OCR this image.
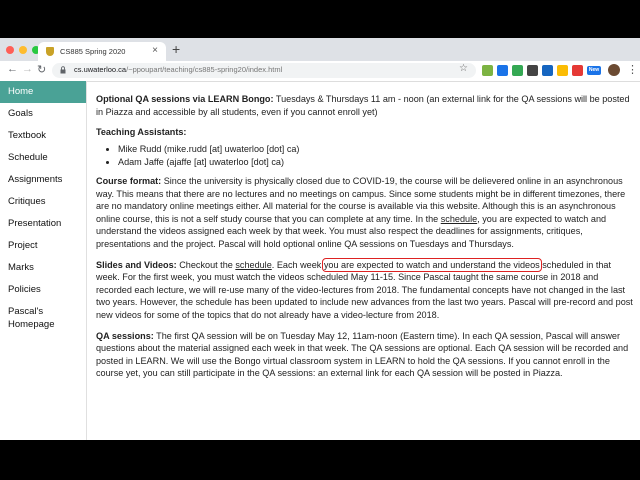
CS885 Spring 2020	× +
← → ↻	cs.uwaterloo.ca/~ppoupart/teaching/cs885-spring20/index.html	☆	New	⋮
Home
Goals
Textbook
Schedule
Assignments
Critiques
Presentation
Project
Marks
Policies
Pascal's Homepage

Optional QA sessions via LEARN Bongo: Tuesdays & Thursdays 11 am - noon (an external link for the QA sessions will be posted in Piazza and accessible by all students, even if you cannot enroll yet)

Teaching Assistants:

• Mike Rudd (mike.rudd [at] uwaterloo [dot] ca)
• Adam Jaffe (ajaffe [at] uwaterloo [dot] ca)

Course format: Since the university is physically closed due to COVID-19, the course will be delievered online in an asynchronous way. This means that there are no lectures and no meetings on campus. Since some students might be in different timezones, there are no mandatory online meetings either. All material for the course is available via this website. Although this is an asynchronous online course, this is not a self study course that you can complete at any time. In the schedule, you are expected to watch and understand the videos assigned each week by that week. You must also respect the deadlines for assignments, critiques, presentations and the project. Pascal will hold optional online QA sessions on Tuesdays and Thursdays.

Slides and Videos: Checkout the schedule. Each week you are expected to watch and understand the videos scheduled in that week. For the first week, you must watch the videos scheduled May 11-15. Since Pascal taught the same course in 2018 and recorded each lecture, we will re-use many of the video-lectures from 2018. The fundamental concepts have not changed in the last two years. However, the schedule has been updated to include new advances from the last two years. Pascal will pre-record and post new videos for some of the topics that do not already have a video-lecture from 2018.

QA sessions: The first QA session will be on Tuesday May 12, 11am-noon (Eastern time). In each QA session, Pascal will answer questions about the material assigned each week in that week. The QA sessions are optional. Each QA session will be recorded and posted in LEARN. We will use the Bongo virtual classroom system in LEARN to hold the QA sessions. If you cannot enroll in the course yet, you can still participate in the QA sessions: an external link for each QA session will be posted in Piazza.
